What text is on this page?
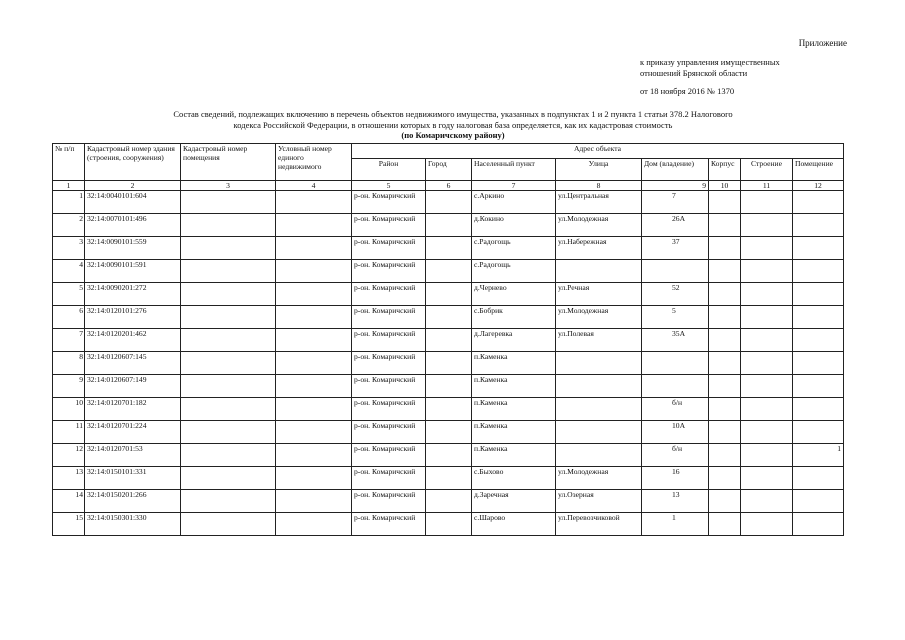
Приложение
к приказу управления имущественных
отношений Брянской области
от 18 ноября 2016 № 1370
Состав сведений, подлежащих включению в перечень объектов недвижимого имущества, указанных в подпунктах 1 и 2 пункта 1 статьи 378.2 Налогового
кодекса Российской Федерации, в отношении которых в году налоговая база определяется, как их кадастровая стоимость
(по Комаричскому району)
№ п/п	Кадастровый номер здания (строения, сооружения)	Кадастровый номер помещения	Условный номер единого недвижимого	Адрес объекта							
				Район	Город	Населенный пункт	Улица	Дом (владение)	Корпус	Строение	Помещение
1	2	3	4	5	6	7	8	9	10	11	12
1	32:14:0040101:604			р-он. Комаричский		с.Аркино	ул.Центральная	7			
2	32:14:0070101:496			р-он. Комаричский		д.Кокино	ул.Молодежная	26А			
3	32:14:0090101:559			р-он. Комаричский		с.Радогощь	ул.Набережная	37			
4	32:14:0090101:591			р-он. Комаричский		с.Радогощь					
5	32:14:0090201:272			р-он. Комаричский		д.Черневo	ул.Речная	52			
6	32:14:0120101:276			р-он. Комаричский		с.Бобрик	ул.Молодежная	5			
7	32:14:0120201:462			р-он. Комаричский		д.Лагеревка	ул.Полевая	35А			
8	32:14:0120607:145			р-он. Комаричский		п.Каменка					
9	32:14:0120607:149			р-он. Комаричский		п.Каменка					
10	32:14:0120701:182			р-он. Комаричский		п.Каменка		б/н			
11	32:14:0120701:224			р-он. Комаричский		п.Каменка		10А			
12	32:14:0120701:53			р-он. Комаричский		п.Каменка		б/н			1
13	32:14:0150101:331			р-он. Комаричский		с.Быхово	ул.Молодежная	16			
14	32:14:0150201:266			р-он. Комаричский		д.Заречная	ул.Озерная	13			
15	32:14:0150301:330			р-он. Комаричский		с.Шарово	ул.Перевозчиковой	1			
